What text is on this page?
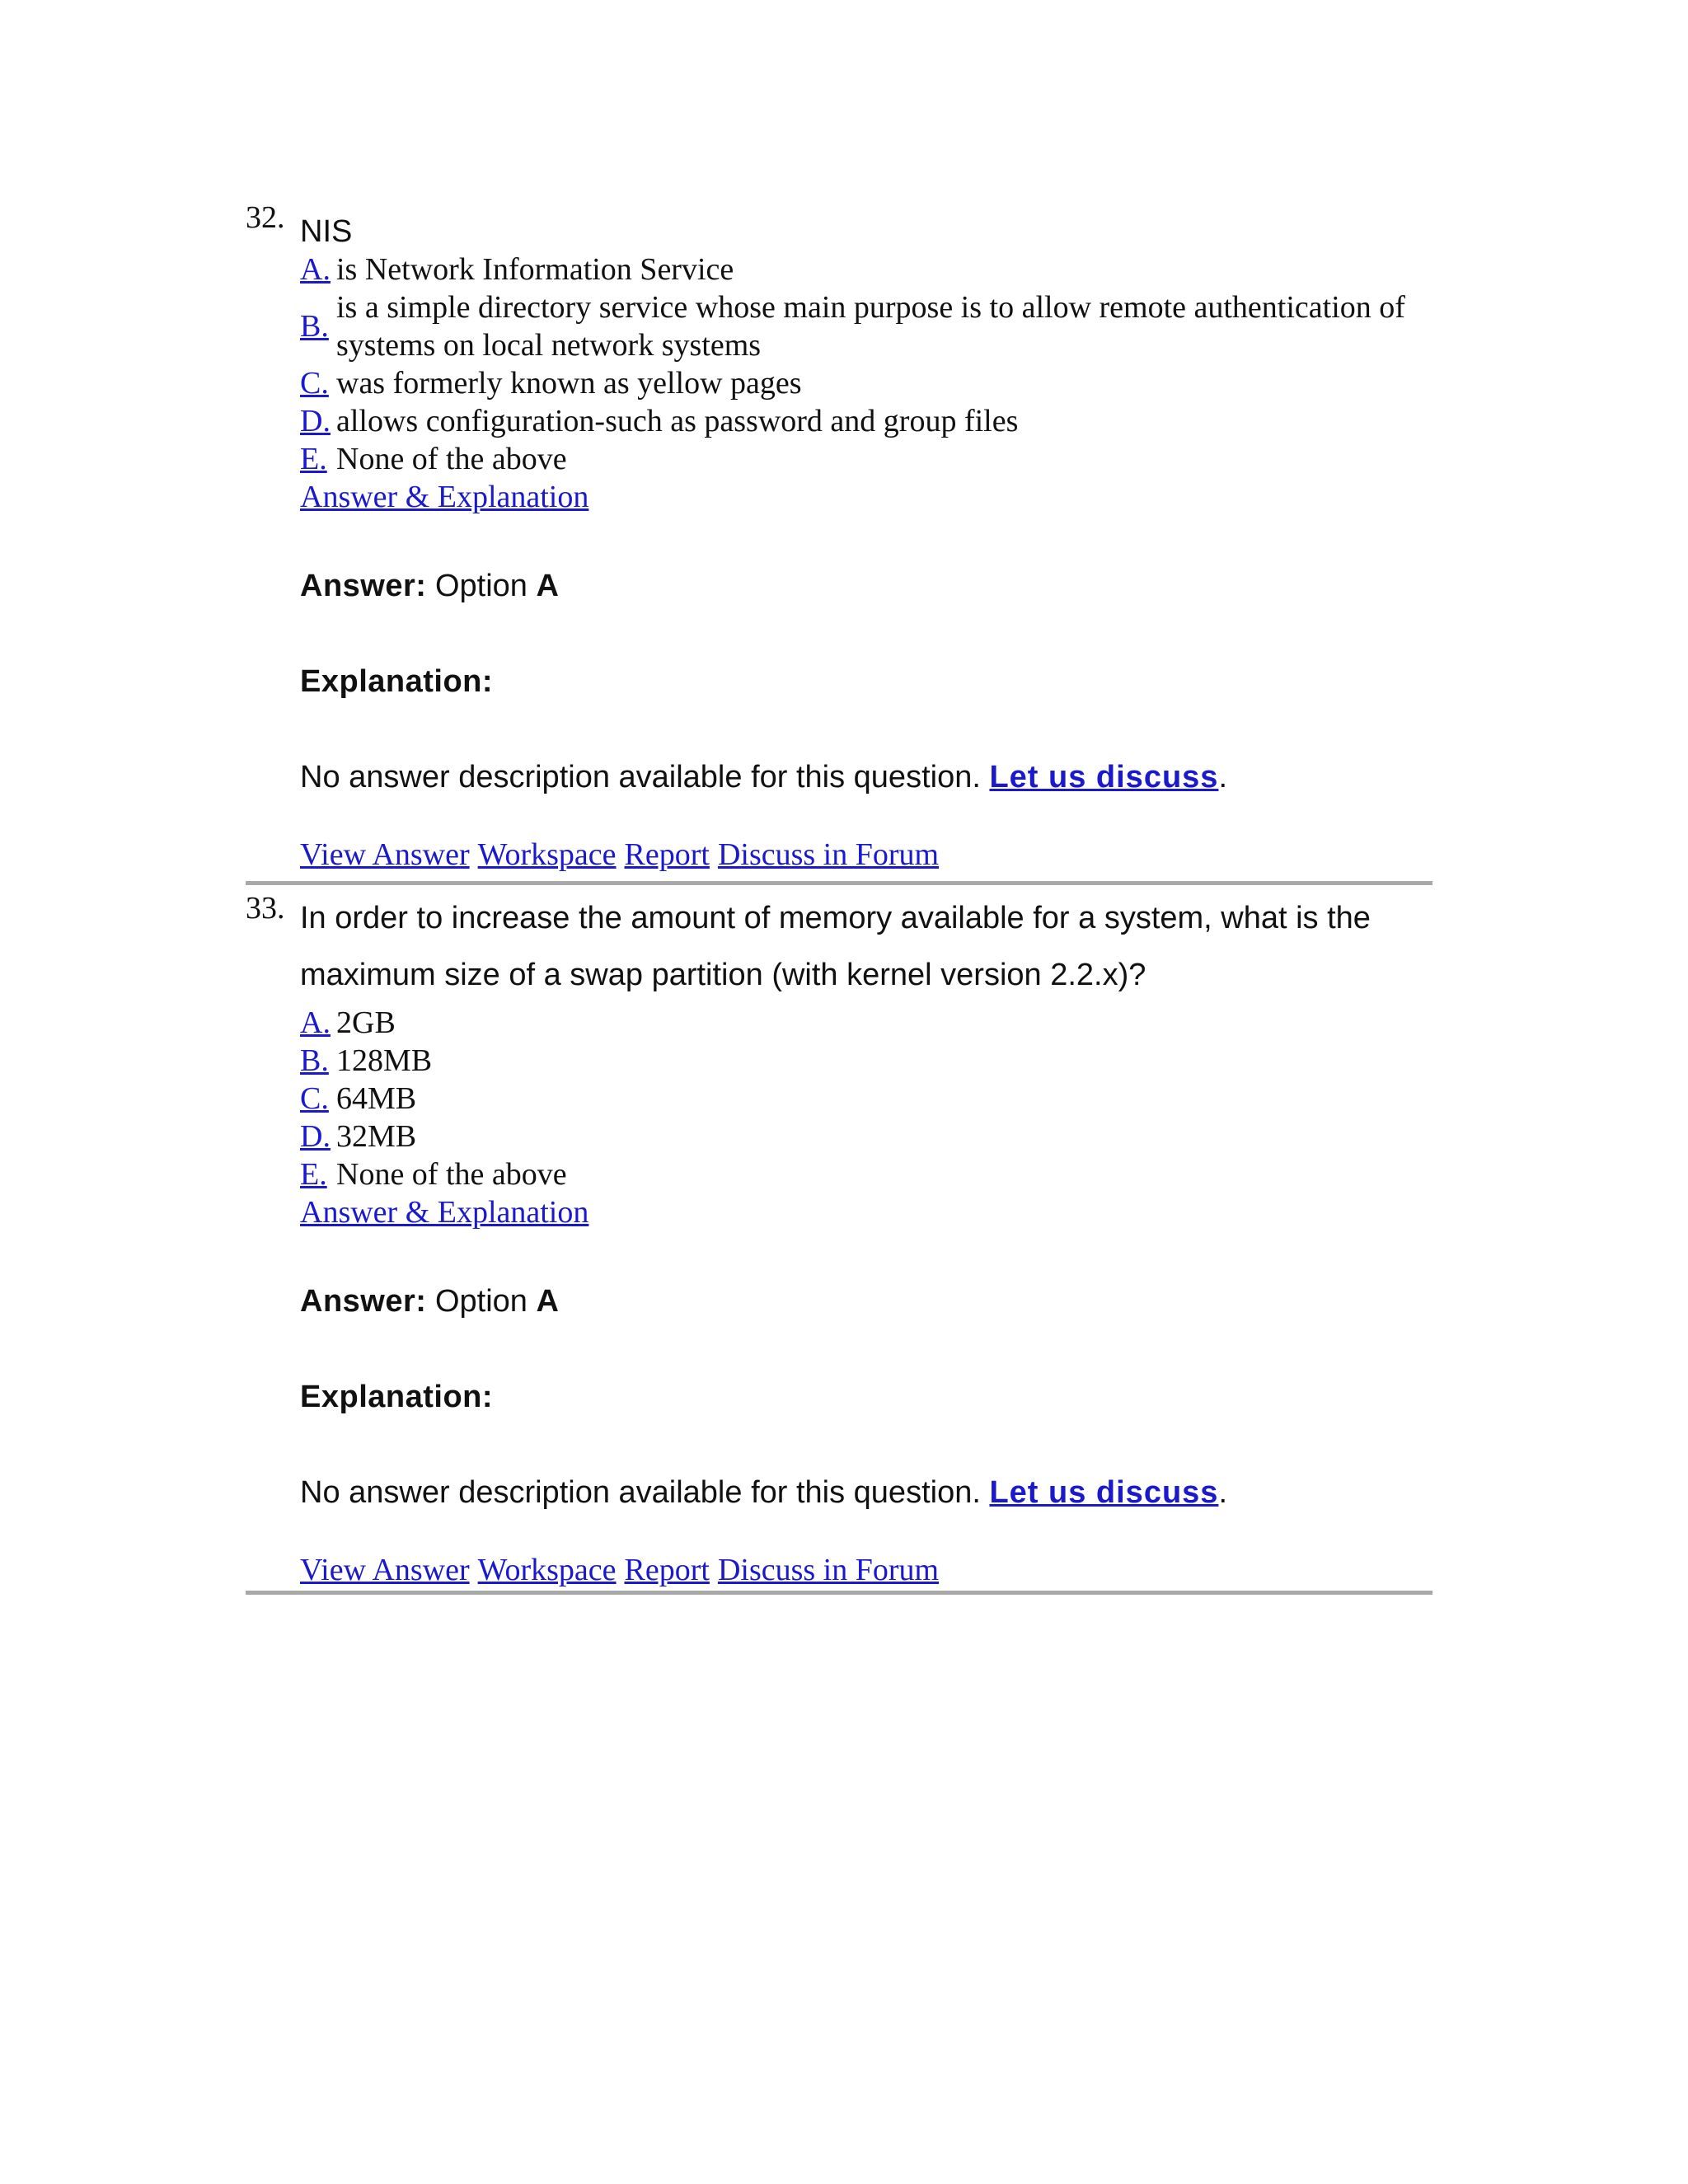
32. NIS
A. is Network Information Service
B.
is a simple directory service whose main purpose is to allow remote authentication of systems on local network systems
C. was formerly known as yellow pages
D. allows configuration-such as password and group files
E. None of the above
Answer & Explanation
Answer: Option A
Explanation:
No answer description available for this question. Let us discuss.
View Answer Workspace Report Discuss in Forum
33. In order to increase the amount of memory available for a system, what is the maximum size of a swap partition (with kernel version 2.2.x)?
A. 2GB
B. 128MB
C. 64MB
D. 32MB
E. None of the above
Answer & Explanation
Answer: Option A
Explanation:
No answer description available for this question. Let us discuss.
View Answer Workspace Report Discuss in Forum
